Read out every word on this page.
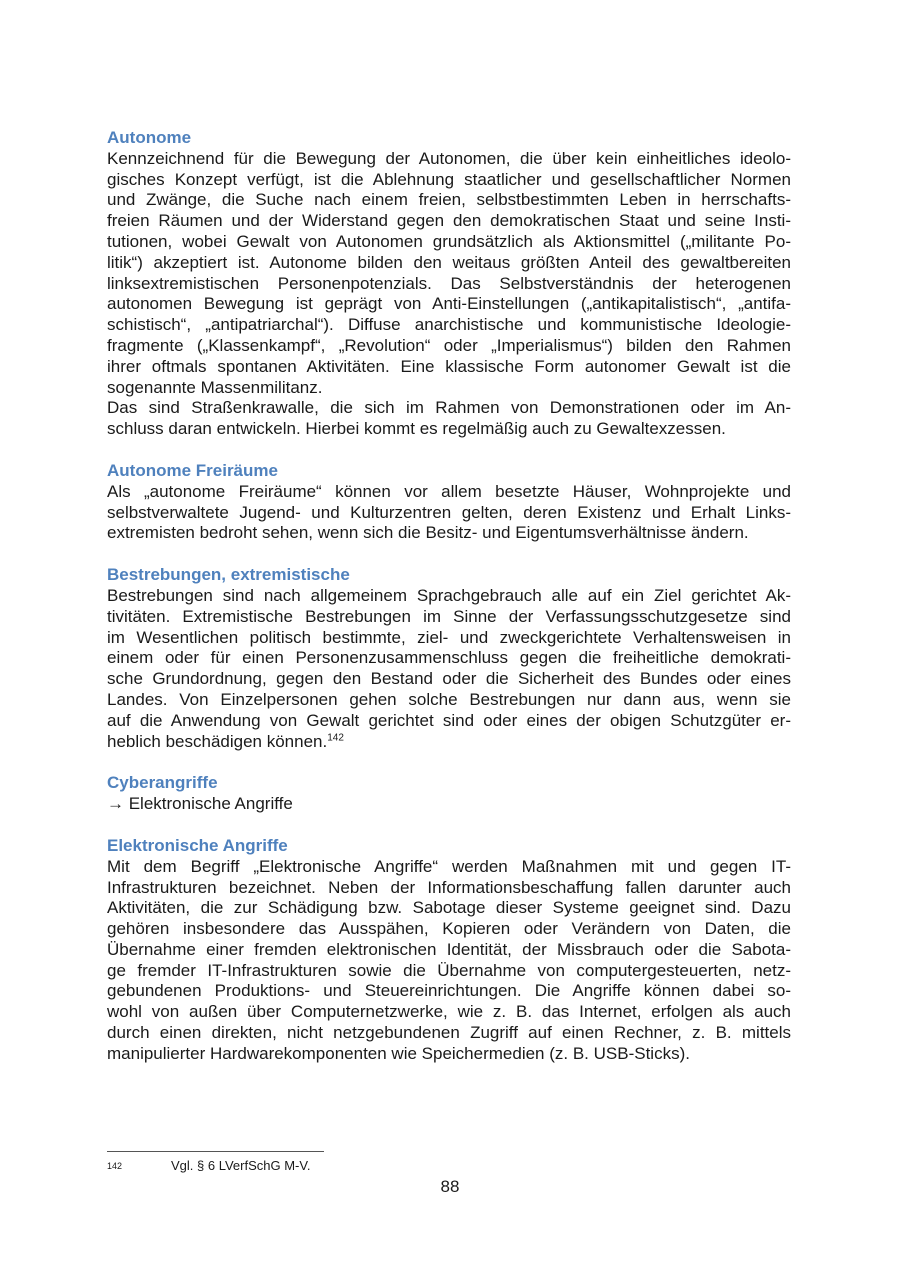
Autonome
Kennzeichnend für die Bewegung der Autonomen, die über kein einheitliches ideolo-
gisches Konzept verfügt, ist die Ablehnung staatlicher und gesellschaftlicher Normen
und Zwänge, die Suche nach einem freien, selbstbestimmten Leben in herrschafts-
freien Räumen und der Widerstand gegen den demokratischen Staat und seine Insti-
tutionen, wobei Gewalt von Autonomen grundsätzlich als Aktionsmittel („militante Po-
litik“) akzeptiert ist. Autonome bilden den weitaus größten Anteil des gewaltbereiten
linksextremistischen Personenpotenzials. Das Selbstverständnis der heterogenen
autonomen Bewegung ist geprägt von Anti-Einstellungen („antikapitalistisch“, „antifa-
schistisch“, „antipatriarchal“). Diffuse anarchistische und kommunistische Ideologie-
fragmente („Klassenkampf“, „Revolution“ oder „Imperialismus“) bilden den Rahmen
ihrer oftmals spontanen Aktivitäten. Eine klassische Form autonomer Gewalt ist die
sogenannte Massenmilitanz.
Das sind Straßenkrawalle, die sich im Rahmen von Demonstrationen oder im An-
schluss daran entwickeln. Hierbei kommt es regelmäßig auch zu Gewaltexzessen.
Autonome Freiräume
Als „autonome Freiräume“ können vor allem besetzte Häuser, Wohnprojekte und
selbstverwaltete Jugend- und Kulturzentren gelten, deren Existenz und Erhalt Links-
extremisten bedroht sehen, wenn sich die Besitz- und Eigentumsverhältnisse ändern.
Bestrebungen, extremistische
Bestrebungen sind nach allgemeinem Sprachgebrauch alle auf ein Ziel gerichtet Ak-
tivitäten. Extremistische Bestrebungen im Sinne der Verfassungsschutzgesetze sind
im Wesentlichen politisch bestimmte, ziel- und zweckgerichtete Verhaltensweisen in
einem oder für einen Personenzusammenschluss gegen die freiheitliche demokrati-
sche Grundordnung, gegen den Bestand oder die Sicherheit des Bundes oder eines
Landes. Von Einzelpersonen gehen solche Bestrebungen nur dann aus, wenn sie
auf die Anwendung von Gewalt gerichtet sind oder eines der obigen Schutzgüter er-
heblich beschädigen können.$^{142}$
Cyberangriffe
→ Elektronische Angriffe
Elektronische Angriffe
Mit dem Begriff „Elektronische Angriffe“ werden Maßnahmen mit und gegen IT-
Infrastrukturen bezeichnet. Neben der Informationsbeschaffung fallen darunter auch
Aktivitäten, die zur Schädigung bzw. Sabotage dieser Systeme geeignet sind. Dazu
gehören insbesondere das Ausspähen, Kopieren oder Verändern von Daten, die
Übernahme einer fremden elektronischen Identität, der Missbrauch oder die Sabota-
ge fremder IT-Infrastrukturen sowie die Übernahme von computergesteuerten, netz-
gebundenen Produktions- und Steuereinrichtungen. Die Angriffe können dabei so-
wohl von außen über Computernetzwerke, wie z. B. das Internet, erfolgen als auch
durch einen direkten, nicht netzgebundenen Zugriff auf einen Rechner, z. B. mittels
manipulierter Hardwarekomponenten wie Speichermedien (z. B. USB-Sticks).
142	Vgl. § 6 LVerfSchG M-V.
88
